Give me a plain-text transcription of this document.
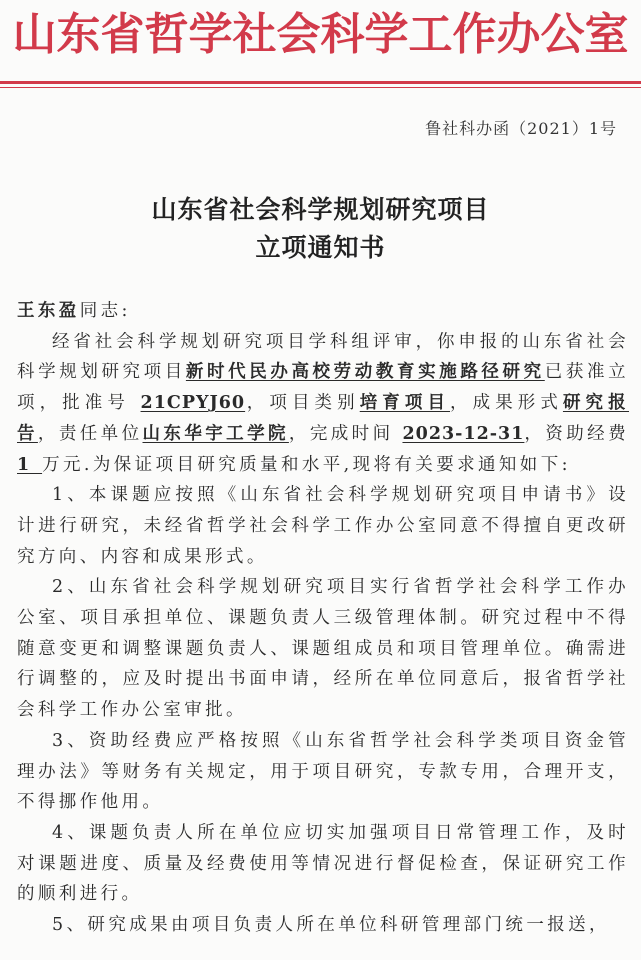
山东省哲学社会科学工作办公室
鲁社科办函（2021）1号
山东省社会科学规划研究项目
立项通知书

王东盈同志:

经省社会科学规划研究项目学科组评审，你申报的山东省社会科学规划研究项目新时代民办高校劳动教育实施路径研究已获准立项，批准号 21CPYJ60，项目类别培育项目，成果形式研究报告，责任单位山东华宇工学院，完成时间 2023-12-31，资助经费 1 万元.为保证项目研究质量和水平,现将有关要求通知如下:

1、本课题应按照《山东省社会科学规划研究项目申请书》设计进行研究，未经省哲学社会科学工作办公室同意不得擅自更改研究方向、内容和成果形式。

2、山东省社会科学规划研究项目实行省哲学社会科学工作办公室、项目承担单位、课题负责人三级管理体制。研究过程中不得随意变更和调整课题负责人、课题组成员和项目管理单位。确需进行调整的，应及时提出书面申请，经所在单位同意后，报省哲学社会科学工作办公室审批。

3、资助经费应严格按照《山东省哲学社会科学类项目资金管理办法》等财务有关规定，用于项目研究，专款专用，合理开支，不得挪作他用。

4、课题负责人所在单位应切实加强项目日常管理工作，及时对课题进度、质量及经费使用等情况进行督促检查，保证研究工作的顺利进行。

5、研究成果由项目负责人所在单位科研管理部门统一报送，
